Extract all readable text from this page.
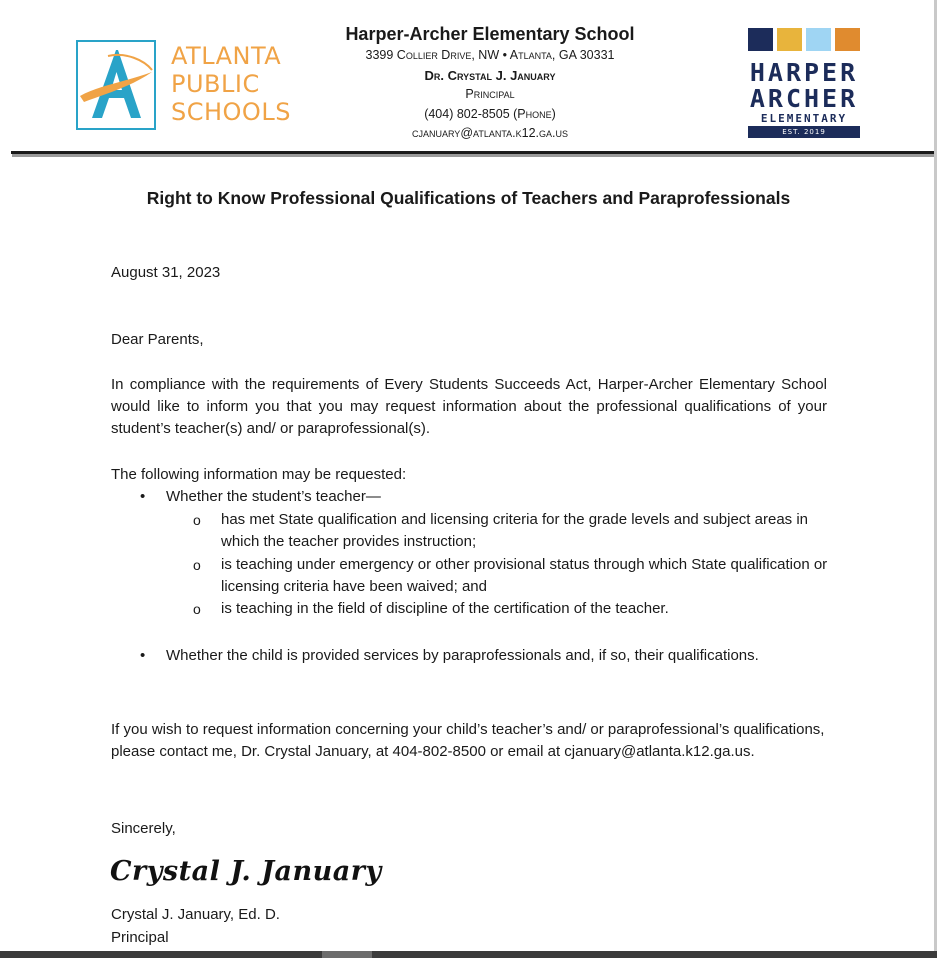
ATLANTA
PUBLIC
SCHOOLS
Harper-Archer Elementary School
3399 Collier Drive, NW • Atlanta, GA 30331
Dr. Crystal J. January
Principal
(404) 802-8505 (Phone)
cjanuary@atlanta.k12.ga.us
HARPER
ARCHER
ELEMENTARY
EST. 2019
Right to Know Professional Qualifications of Teachers and Paraprofessionals
August 31, 2023
Dear Parents,
In compliance with the requirements of Every Students Succeeds Act, Harper-Archer Elementary School would like to inform you that you may request information about the professional qualifications of your student’s teacher(s) and/ or paraprofessional(s).
The following information may be requested:
•	Whether the student’s teacher—
o	has met State qualification and licensing criteria for the grade levels and subject areas in which the teacher provides instruction;
o	is teaching under emergency or other provisional status through which State qualification or licensing criteria have been waived; and
o	is teaching in the field of discipline of the certification of the teacher.
•	Whether the child is provided services by paraprofessionals and, if so, their qualifications.
If you wish to request information concerning your child’s teacher’s and/ or paraprofessional’s qualifications, please contact me, Dr. Crystal January, at 404-802-8500 or email at cjanuary@atlanta.k12.ga.us.
Sincerely,
Crystal J. January
Crystal J. January, Ed. D.
Principal
